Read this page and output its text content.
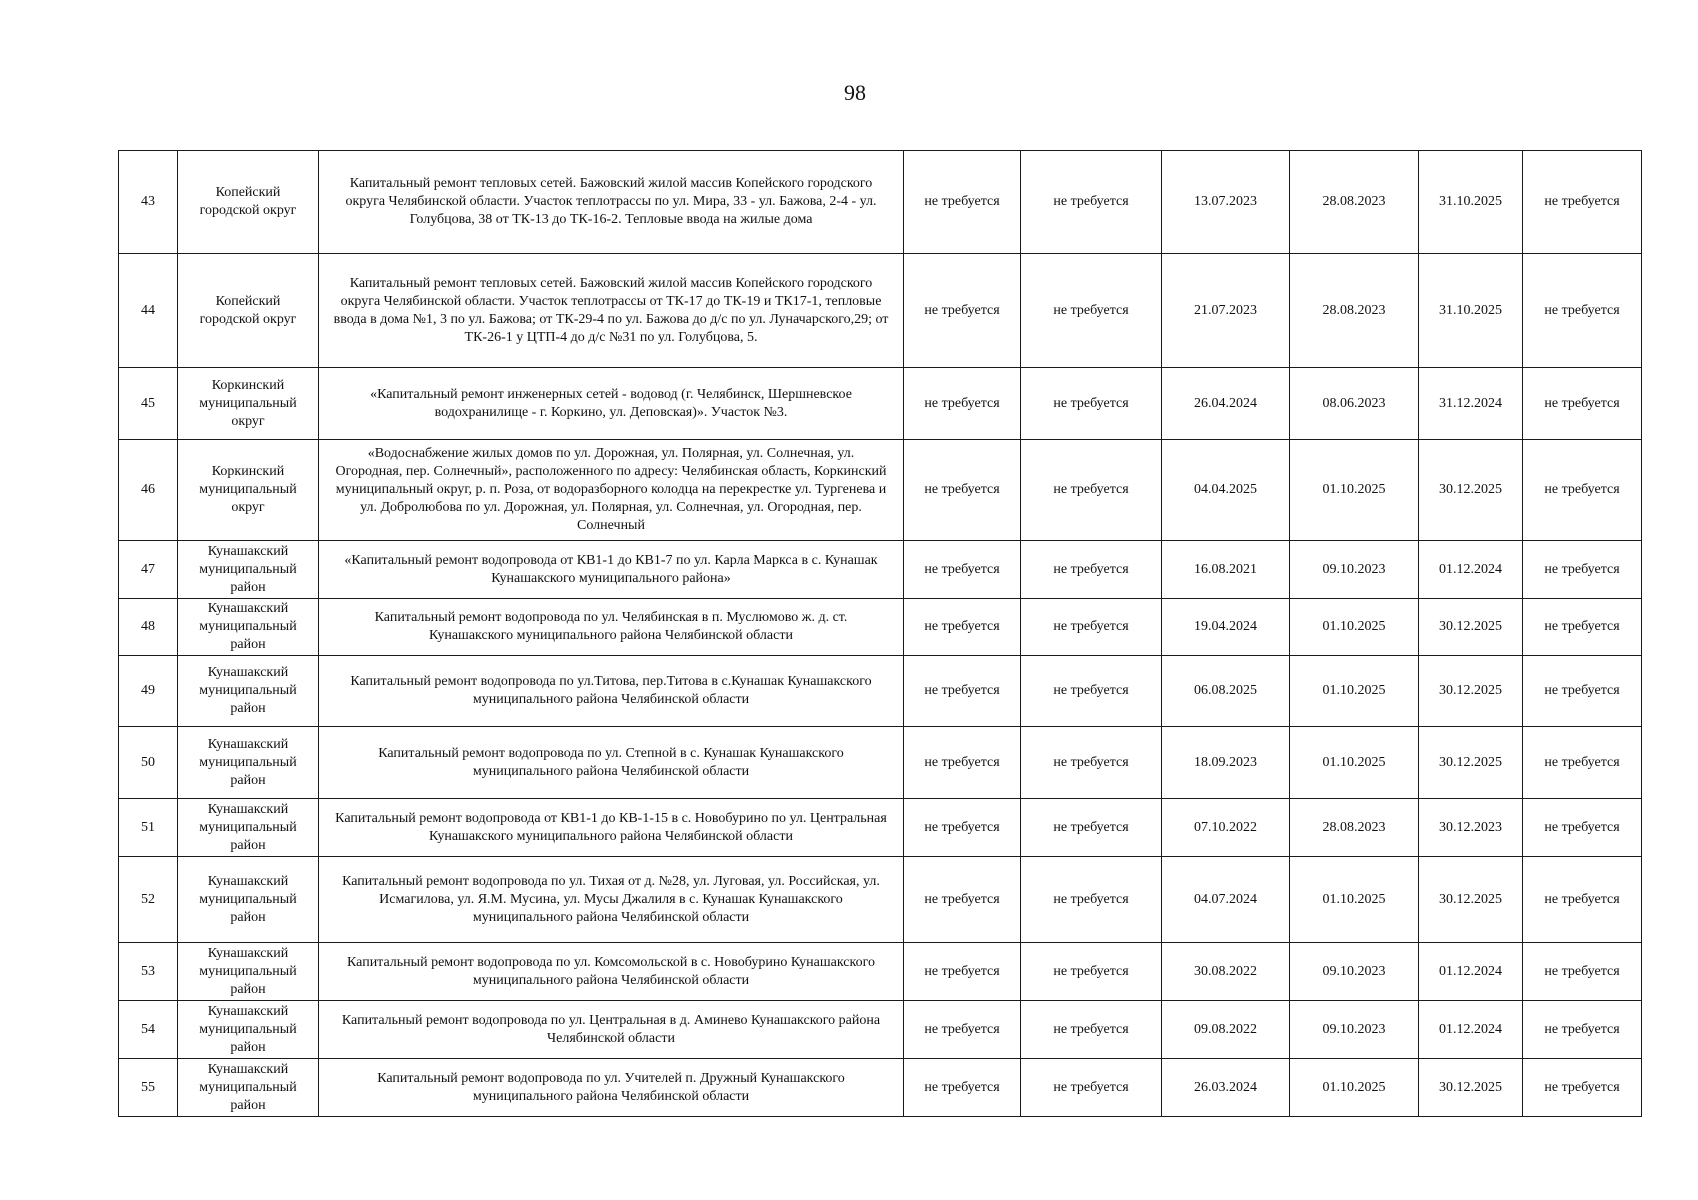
98
43	Копейский городской округ	Капитальный ремонт тепловых сетей. Бажовский жилой массив Копейского городского округа Челябинской области. Участок теплотрассы по ул. Мира, 33 - ул. Бажова, 2-4 - ул. Голубцова, 38 от ТК-13 до ТК-16-2. Тепловые ввода на жилые дома	не требуется	не требуется	13.07.2023	28.08.2023	31.10.2025	не требуется
44	Копейский городской округ	Капитальный ремонт тепловых сетей. Бажовский жилой массив Копейского городского округа Челябинской области. Участок теплотрассы от ТК-17 до ТК-19 и ТК17-1, тепловые ввода в дома №1, 3 по ул. Бажова; от ТК-29-4 по ул. Бажова до д/с по ул. Луначарского,29; от ТК-26-1 у ЦТП-4 до д/с №31 по ул. Голубцова, 5.	не требуется	не требуется	21.07.2023	28.08.2023	31.10.2025	не требуется
45	Коркинский муниципальный округ	«Капитальный ремонт инженерных сетей - водовод (г. Челябинск, Шершневское водохранилище - г. Коркино, ул. Деповская)». Участок №3.	не требуется	не требуется	26.04.2024	08.06.2023	31.12.2024	не требуется
46	Коркинский муниципальный округ	«Водоснабжение жилых домов по ул. Дорожная, ул. Полярная, ул. Солнечная, ул. Огородная, пер. Солнечный», расположенного по адресу: Челябинская область, Коркинский муниципальный округ, р. п. Роза, от водоразборного колодца на перекрестке ул. Тургенева и ул. Добролюбова по ул. Дорожная, ул. Полярная, ул. Солнечная, ул. Огородная, пер. Солнечный	не требуется	не требуется	04.04.2025	01.10.2025	30.12.2025	не требуется
47	Кунашакский муниципальный район	«Капитальный ремонт водопровода от КВ1-1 до КВ1-7 по ул. Карла Маркса в с. Кунашак Кунашакского муниципального района»	не требуется	не требуется	16.08.2021	09.10.2023	01.12.2024	не требуется
48	Кунашакский муниципальный район	Капитальный ремонт водопровода по ул. Челябинская в п. Муслюмово ж. д. ст. Кунашакского муниципального района Челябинской области	не требуется	не требуется	19.04.2024	01.10.2025	30.12.2025	не требуется
49	Кунашакский муниципальный район	Капитальный ремонт водопровода по ул.Титова, пер.Титова в с.Кунашак Кунашакского муниципального района Челябинской области	не требуется	не требуется	06.08.2025	01.10.2025	30.12.2025	не требуется
50	Кунашакский муниципальный район	Капитальный ремонт водопровода по ул. Степной в с. Кунашак Кунашакского муниципального района Челябинской области	не требуется	не требуется	18.09.2023	01.10.2025	30.12.2025	не требуется
51	Кунашакский муниципальный район	Капитальный ремонт водопровода от КВ1-1 до КВ-1-15 в с. Новобурино по ул. Центральная Кунашакского муниципального района Челябинской области	не требуется	не требуется	07.10.2022	28.08.2023	30.12.2023	не требуется
52	Кунашакский муниципальный район	Капитальный ремонт водопровода по ул. Тихая от д. №28, ул. Луговая, ул. Российская, ул. Исмагилова, ул. Я.М. Мусина, ул. Мусы Джалиля в с. Кунашак Кунашакского муниципального района Челябинской области	не требуется	не требуется	04.07.2024	01.10.2025	30.12.2025	не требуется
53	Кунашакский муниципальный район	Капитальный ремонт водопровода по ул. Комсомольской в с. Новобурино Кунашакского муниципального района Челябинской области	не требуется	не требуется	30.08.2022	09.10.2023	01.12.2024	не требуется
54	Кунашакский муниципальный район	Капитальный ремонт водопровода по ул. Центральная в д. Аминево Кунашакского района Челябинской области	не требуется	не требуется	09.08.2022	09.10.2023	01.12.2024	не требуется
55	Кунашакский муниципальный район	Капитальный ремонт водопровода по ул. Учителей п. Дружный Кунашакского муниципального района Челябинской области	не требуется	не требуется	26.03.2024	01.10.2025	30.12.2025	не требуется
